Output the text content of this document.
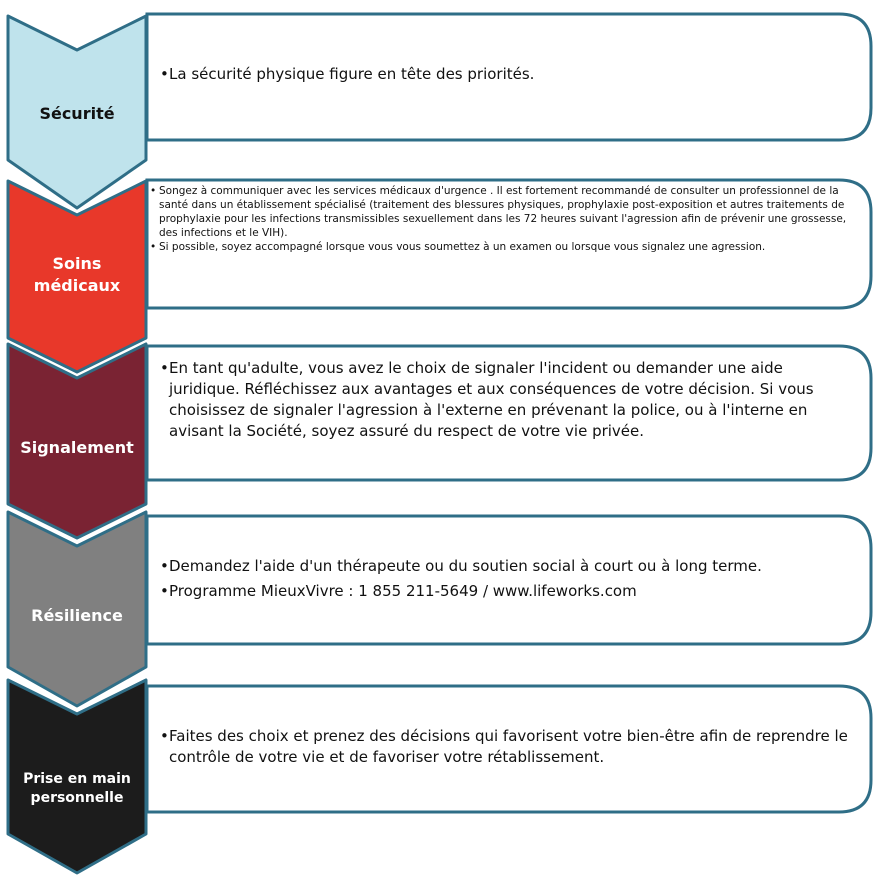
Sécurité
Soins
médicaux
Signalement
Résilience
Prise en main
personnelle
• La sécurité physique figure en tête des priorités.
• Songez à communiquer avec les services médicaux d'urgence . Il est fortement recommandé de consulter un professionnel de la santé dans un établissement spécialisé (traitement des blessures physiques, prophylaxie post-exposition et autres traitements de prophylaxie pour les infections transmissibles sexuellement dans les 72 heures suivant l'agression afin de prévenir une grossesse, des infections et le VIH).
• Si possible, soyez accompagné lorsque vous vous soumettez à un examen ou lorsque vous signalez une agression.
• En tant qu'adulte, vous avez le choix de signaler l'incident ou demander une aide juridique. Réfléchissez aux avantages et aux conséquences de votre décision. Si vous choisissez de signaler l'agression à l'externe en prévenant la police, ou à l'interne en avisant la Société, soyez assuré du respect de votre vie privée.
• Demandez l'aide d'un thérapeute ou du soutien social à court ou à long terme.
• Programme MieuxVivre : 1 855 211-5649 / www.lifeworks.com
• Faites des choix et prenez des décisions qui favorisent votre bien-être afin de reprendre le contrôle de votre vie et de favoriser votre rétablissement.
